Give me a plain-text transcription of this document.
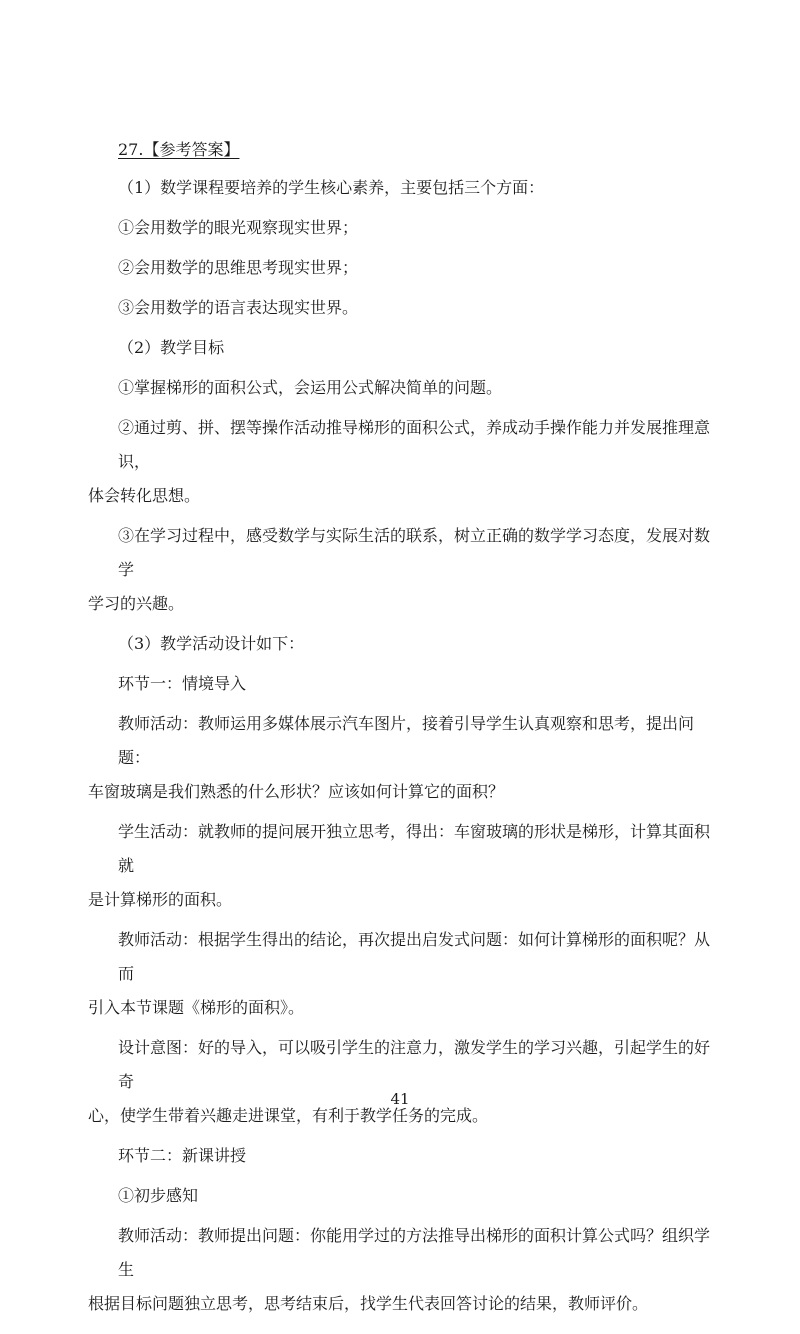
27.【参考答案】
（1）数学课程要培养的学生核心素养，主要包括三个方面：
①会用数学的眼光观察现实世界；
②会用数学的思维思考现实世界；
③会用数学的语言表达现实世界。
（2）教学目标
①掌握梯形的面积公式，会运用公式解决简单的问题。
②通过剪、拼、摆等操作活动推导梯形的面积公式，养成动手操作能力并发展推理意识，
体会转化思想。
③在学习过程中，感受数学与实际生活的联系，树立正确的数学学习态度，发展对数学
学习的兴趣。
（3）教学活动设计如下：
环节一：情境导入
教师活动：教师运用多媒体展示汽车图片，接着引导学生认真观察和思考，提出问题：
车窗玻璃是我们熟悉的什么形状？应该如何计算它的面积？
学生活动：就教师的提问展开独立思考，得出：车窗玻璃的形状是梯形，计算其面积就
是计算梯形的面积。
教师活动：根据学生得出的结论，再次提出启发式问题：如何计算梯形的面积呢？从而
引入本节课题《梯形的面积》。
设计意图：好的导入，可以吸引学生的注意力，激发学生的学习兴趣，引起学生的好奇
心，使学生带着兴趣走进课堂，有利于教学任务的完成。
环节二：新课讲授
①初步感知
教师活动：教师提出问题：你能用学过的方法推导出梯形的面积计算公式吗？组织学生
根据目标问题独立思考，思考结束后，找学生代表回答讨论的结果，教师评价。
41
